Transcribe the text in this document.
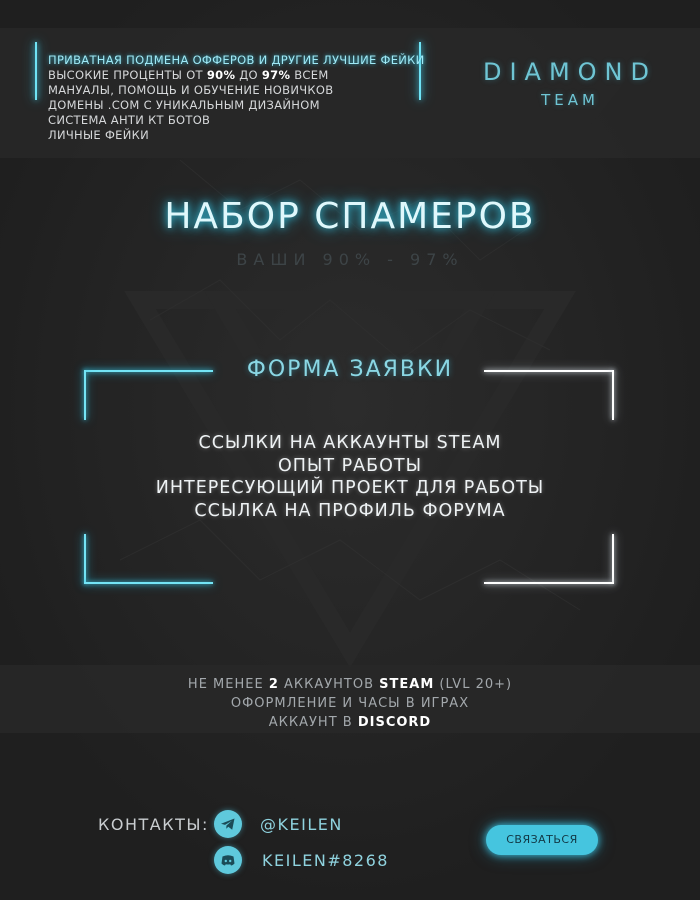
ПРИВАТНАЯ ПОДМЕНА ОФФЕРОВ И ДРУГИЕ ЛУЧШИЕ ФЕЙКИ
ВЫСОКИЕ ПРОЦЕНТЫ ОТ 90% ДО 97% ВСЕМ
МАНУАЛЫ, ПОМОЩЬ И ОБУЧЕНИЕ НОВИЧКОВ
ДОМЕНЫ .COM С УНИКАЛЬНЫМ ДИЗАЙНОМ
СИСТЕМА АНТИ КТ БОТОВ
ЛИЧНЫЕ ФЕЙКИ
DIAMOND
TEAM
НАБОР СПАМЕРОВ
ВАШИ 90% - 97%
ФОРМА ЗАЯВКИ
ССЫЛКИ НА АККАУНТЫ STEAM
ОПЫТ РАБОТЫ
ИНТЕРЕСУЮЩИЙ ПРОЕКТ ДЛЯ РАБОТЫ
ССЫЛКА НА ПРОФИЛЬ ФОРУМА
НЕ МЕНЕЕ 2 АККАУНТОВ STEAM (LVL 20+)
ОФОРМЛЕНИЕ И ЧАСЫ В ИГРАХ
АККАУНТ В DISCORD
КОНТАКТЫ:	@KEILEN
KEILEN#8268
СВЯЗАТЬСЯ
